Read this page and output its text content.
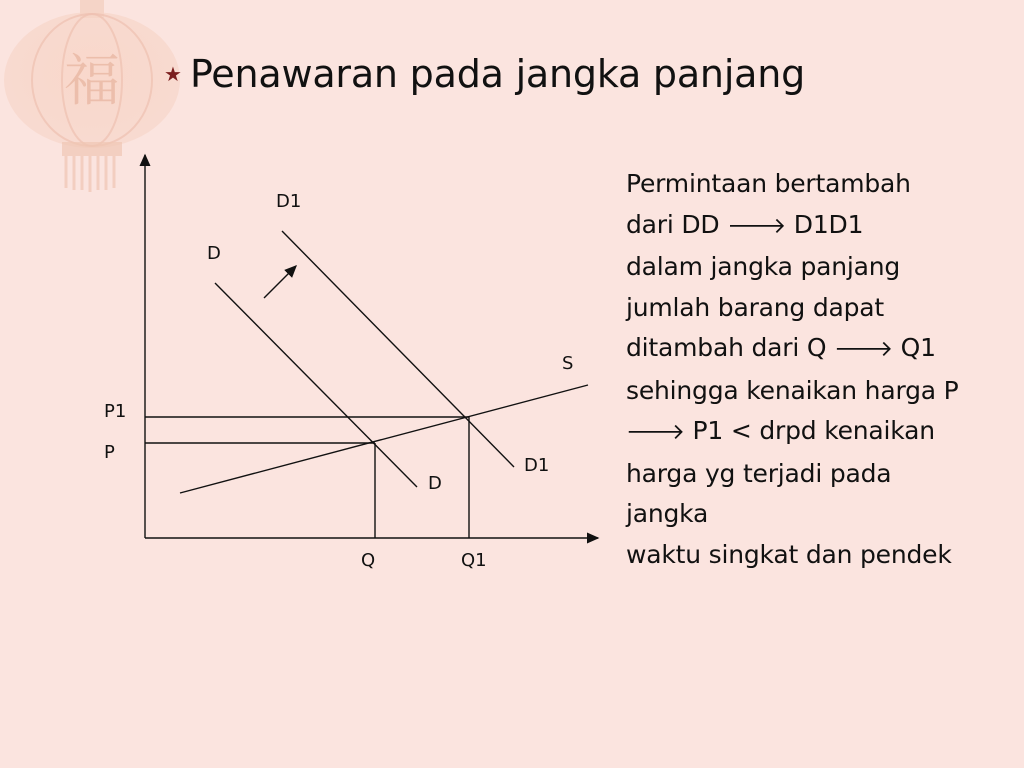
福 ★ Penawaran pada jangka panjang
D1
D
S
P1
P
D
D1
Q	Q1
Permintaan bertambah
dari DD 🡒 D1D1
dalam jangka panjang
jumlah barang dapat
ditambah dari Q 🡒 Q1
sehingga kenaikan harga P
🡒 P1 < drpd kenaikan
harga yg terjadi pada
jangka
waktu singkat dan pendek
